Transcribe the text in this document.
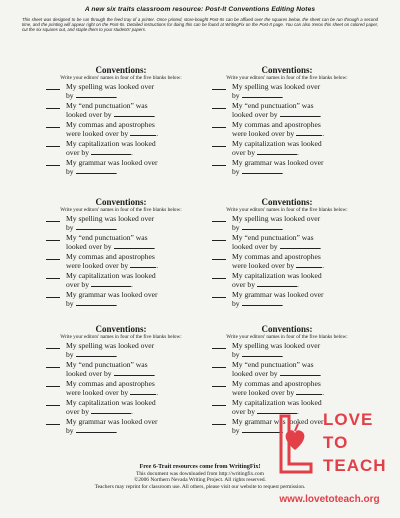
A new six traits classroom resource: Post-It Conventions Editing Notes
This sheet was designed to be run through the feed tray of a printer. Once printed, store-bought Post-Its can be affixed over the squares below, the sheet can be run through a second time, and the printing will appear right on the Post-Its. Detailed instructions for doing this can be found at WritingFix on the Post-It page. You can also Xerox this sheet on colored paper, cut the six squares out, and staple them to your students' papers.
Conventions:
Write your editors' names in four of the five blanks below:
My spelling was looked over
by	.
My “end punctuation” was
looked over by	.
My commas and apostrophes
were looked over by	.
My capitalization was looked
over by	.
My grammar was looked over
by	.
Conventions:
Write your editors' names in four of the five blanks below:
My spelling was looked over
by	.
My “end punctuation” was
looked over by	.
My commas and apostrophes
were looked over by	.
My capitalization was looked
over by	.
My grammar was looked over
by	.
Conventions:
Write your editors' names in four of the five blanks below:
My spelling was looked over
by	.
My “end punctuation” was
looked over by	.
My commas and apostrophes
were looked over by	.
My capitalization was looked
over by	.
My grammar was looked over
by	.
Conventions:
Write your editors' names in four of the five blanks below:
My spelling was looked over
by	.
My “end punctuation” was
looked over by	.
My commas and apostrophes
were looked over by	.
My capitalization was looked
over by	.
My grammar was looked over
by	.
Conventions:
Write your editors' names in four of the five blanks below:
My spelling was looked over
by	.
My “end punctuation” was
looked over by	.
My commas and apostrophes
were looked over by	.
My capitalization was looked
over by	.
My grammar was looked over
by	.
Conventions:
Write your editors' names in four of the five blanks below:
My spelling was looked over
by	.
My “end punctuation” was
looked over by	.
My commas and apostrophes
were looked over by	.
My capitalization was looked
over by	.
My grammar was looked over
by	.
Free 6-Trait resources come from WritingFix!
This document was downloaded from http://writingfix.com
©2006 Northern Nevada Writing Project. All rights reserved.
Teachers may reprint for classroom use. All others, please visit our website to request permission.
LOVE
TO
TEACH
www.lovetoteach.org
